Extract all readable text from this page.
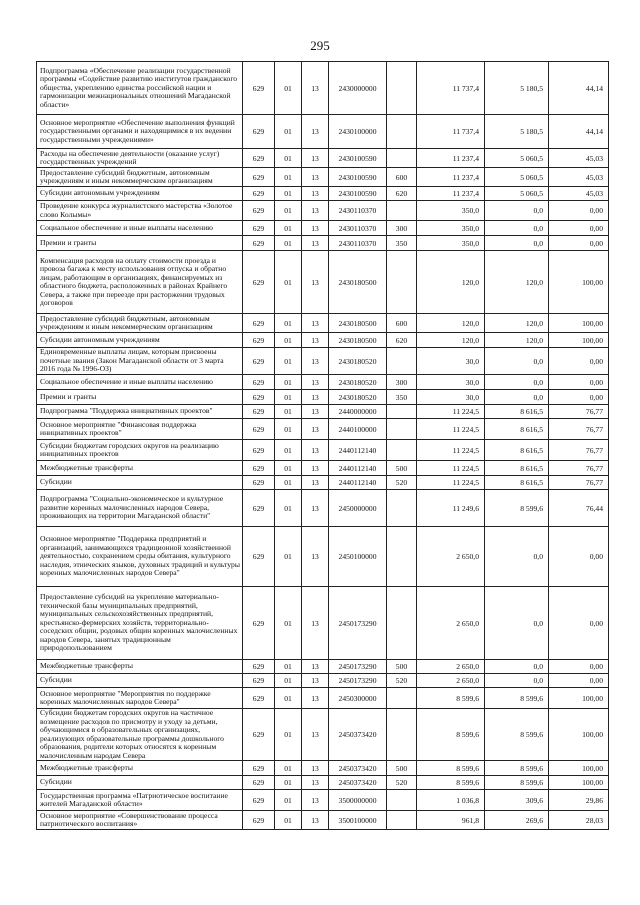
295
Подпрограмма «Обеспечение реализации государственной программы «Содействие развитию институтов гражданского общества, укреплению единства российской нации и гармонизации межнациональных отношений Магаданской области»	629	01	13	2430000000		11 737,4	5 180,5	44,14
Основное мероприятие «Обеспечение выполнения функций государственными органами и находящимися в их ведении государственными учреждениями»	629	01	13	2430100000		11 737,4	5 180,5	44,14
Расходы на обеспечение деятельности (оказание услуг) государственных учреждений	629	01	13	2430100590		11 237,4	5 060,5	45,03
Предоставление субсидий бюджетным, автономным учреждениям и иным некоммерческим организациям	629	01	13	2430100590	600	11 237,4	5 060,5	45,03
Субсидии автономным учреждениям	629	01	13	2430100590	620	11 237,4	5 060,5	45,03
Проведение конкурса журналистского мастерства «Золотое слово Колымы»	629	01	13	2430110370		350,0	0,0	0,00
Социальное обеспечение и иные выплаты населению	629	01	13	2430110370	300	350,0	0,0	0,00
Премии и гранты	629	01	13	2430110370	350	350,0	0,0	0,00
Компенсация расходов на оплату стоимости проезда и провоза багажа к месту использования отпуска и обратно лицам, работающим в организациях, финансируемых из областного бюджета, расположенных в районах Крайнего Севера, а также при переезде при расторжении трудовых договоров	629	01	13	2430180500		120,0	120,0	100,00
Предоставление субсидий бюджетным, автономным учреждениям и иным некоммерческим организациям	629	01	13	2430180500	600	120,0	120,0	100,00
Субсидии автономным учреждениям	629	01	13	2430180500	620	120,0	120,0	100,00
Единовременные выплаты лицам, которым присвоены почетные звания (Закон Магаданской области от 3 марта 2016 года № 1996-ОЗ)	629	01	13	2430180520		30,0	0,0	0,00
Социальное обеспечение и иные выплаты населению	629	01	13	2430180520	300	30,0	0,0	0,00
Премии и гранты	629	01	13	2430180520	350	30,0	0,0	0,00
Подпрограмма "Поддержка инициативных проектов"	629	01	13	2440000000		11 224,5	8 616,5	76,77
Основное мероприятие "Финансовая поддержка инициативных проектов"	629	01	13	2440100000		11 224,5	8 616,5	76,77
Субсидии бюджетам городских округов на реализацию инициативных проектов	629	01	13	2440112140		11 224,5	8 616,5	76,77
Межбюджетные трансферты	629	01	13	2440112140	500	11 224,5	8 616,5	76,77
Субсидии	629	01	13	2440112140	520	11 224,5	8 616,5	76,77
Подпрограмма "Социально-экономическое и культурное развитие коренных малочисленных народов Севера, проживающих на территории Магаданской области"	629	01	13	2450000000		11 249,6	8 599,6	76,44
Основное мероприятие "Поддержка предприятий и организаций, занимающихся традиционной хозяйственной деятельностью, сохранением среды обитания, культурного наследия, этнических языков, духовных традиций и культуры коренных малочисленных народов Севера"	629	01	13	2450100000		2 650,0	0,0	0,00
Предоставление субсидий на укрепление материально-технической базы муниципальных предприятий, муниципальных сельскохозяйственных предприятий, крестьянско-фермерских хозяйств, территориально-соседских общин, родовых общин коренных малочисленных народов Севера, занятых традиционным природопользованием	629	01	13	2450173290		2 650,0	0,0	0,00
Межбюджетные трансферты	629	01	13	2450173290	500	2 650,0	0,0	0,00
Субсидии	629	01	13	2450173290	520	2 650,0	0,0	0,00
Основное мероприятие "Мероприятия по поддержке коренных малочисленных народов Севера"	629	01	13	2450300000		8 599,6	8 599,6	100,00
Субсидии бюджетам городских округов на частичное возмещение расходов по присмотру и уходу за детьми, обучающимися в образовательных организациях, реализующих образовательные программы дошкольного образования, родители которых относятся к коренным малочисленным народам Севера	629	01	13	2450373420		8 599,6	8 599,6	100,00
Межбюджетные трансферты	629	01	13	2450373420	500	8 599,6	8 599,6	100,00
Субсидии	629	01	13	2450373420	520	8 599,6	8 599,6	100,00
Государственная программа «Патриотическое воспитание жителей Магаданской области»	629	01	13	3500000000		1 036,8	309,6	29,86
Основное мероприятие «Совершенствование процесса патриотического воспитания»	629	01	13	3500100000		961,8	269,6	28,03
